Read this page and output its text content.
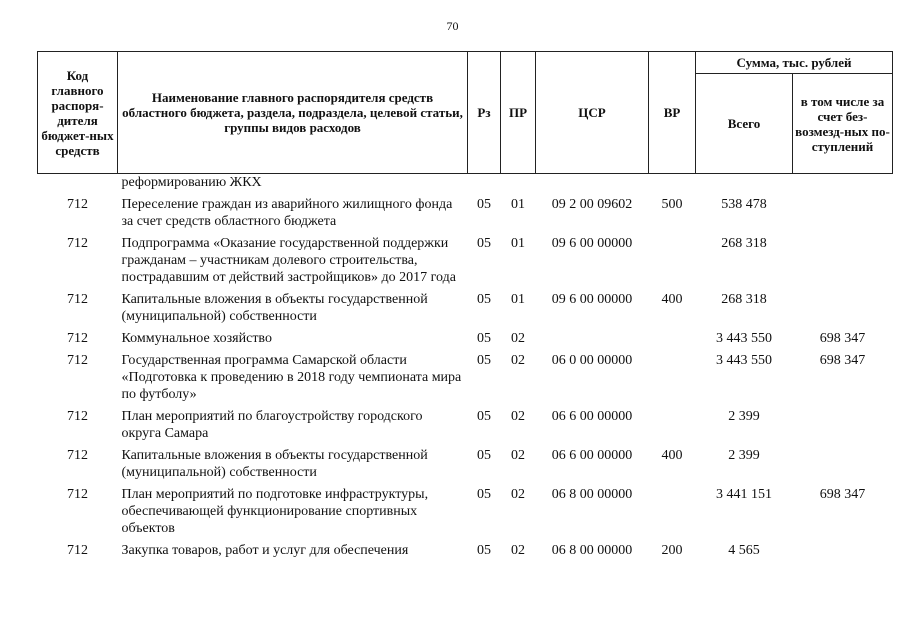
70
Код главного распоря-дителя бюджет-ных средств	Наименование главного распорядителя средств областного бюджета, раздела, подраздела, целевой статьи, группы видов расходов	Рз	ПР	ЦСР	ВР	Сумма, тыс. рублей	
						Всего	в том числе за счет без-возмезд-ных по-ступлений
	реформированию ЖКХ						
712	Переселение граждан из аварийного жилищного фонда за счет средств областного бюджета	05	01	09 2 00 09602	500	538 478	
712	Подпрограмма «Оказание государственной поддержки гражданам – участникам долевого строительства, пострадавшим от действий застройщиков» до 2017 года	05	01	09 6 00 00000		268 318	
712	Капитальные вложения в объекты государственной (муниципальной) собственности	05	01	09 6 00 00000	400	268 318	
712	Коммунальное хозяйство	05	02			3 443 550	698 347
712	Государственная программа Самарской области «Подготовка к проведению в 2018 году чемпионата мира по футболу»	05	02	06 0 00 00000		3 443 550	698 347
712	План мероприятий по благоустройству городского округа Самара	05	02	06 6 00 00000		2 399	
712	Капитальные вложения в объекты государственной (муниципальной) собственности	05	02	06 6 00 00000	400	2 399	
712	План мероприятий по подготовке инфраструктуры, обеспечивающей функционирование спортивных объектов	05	02	06 8 00 00000		3 441 151	698 347
712	Закупка товаров, работ и услуг для обеспечения	05	02	06 8 00 00000	200	4 565	
